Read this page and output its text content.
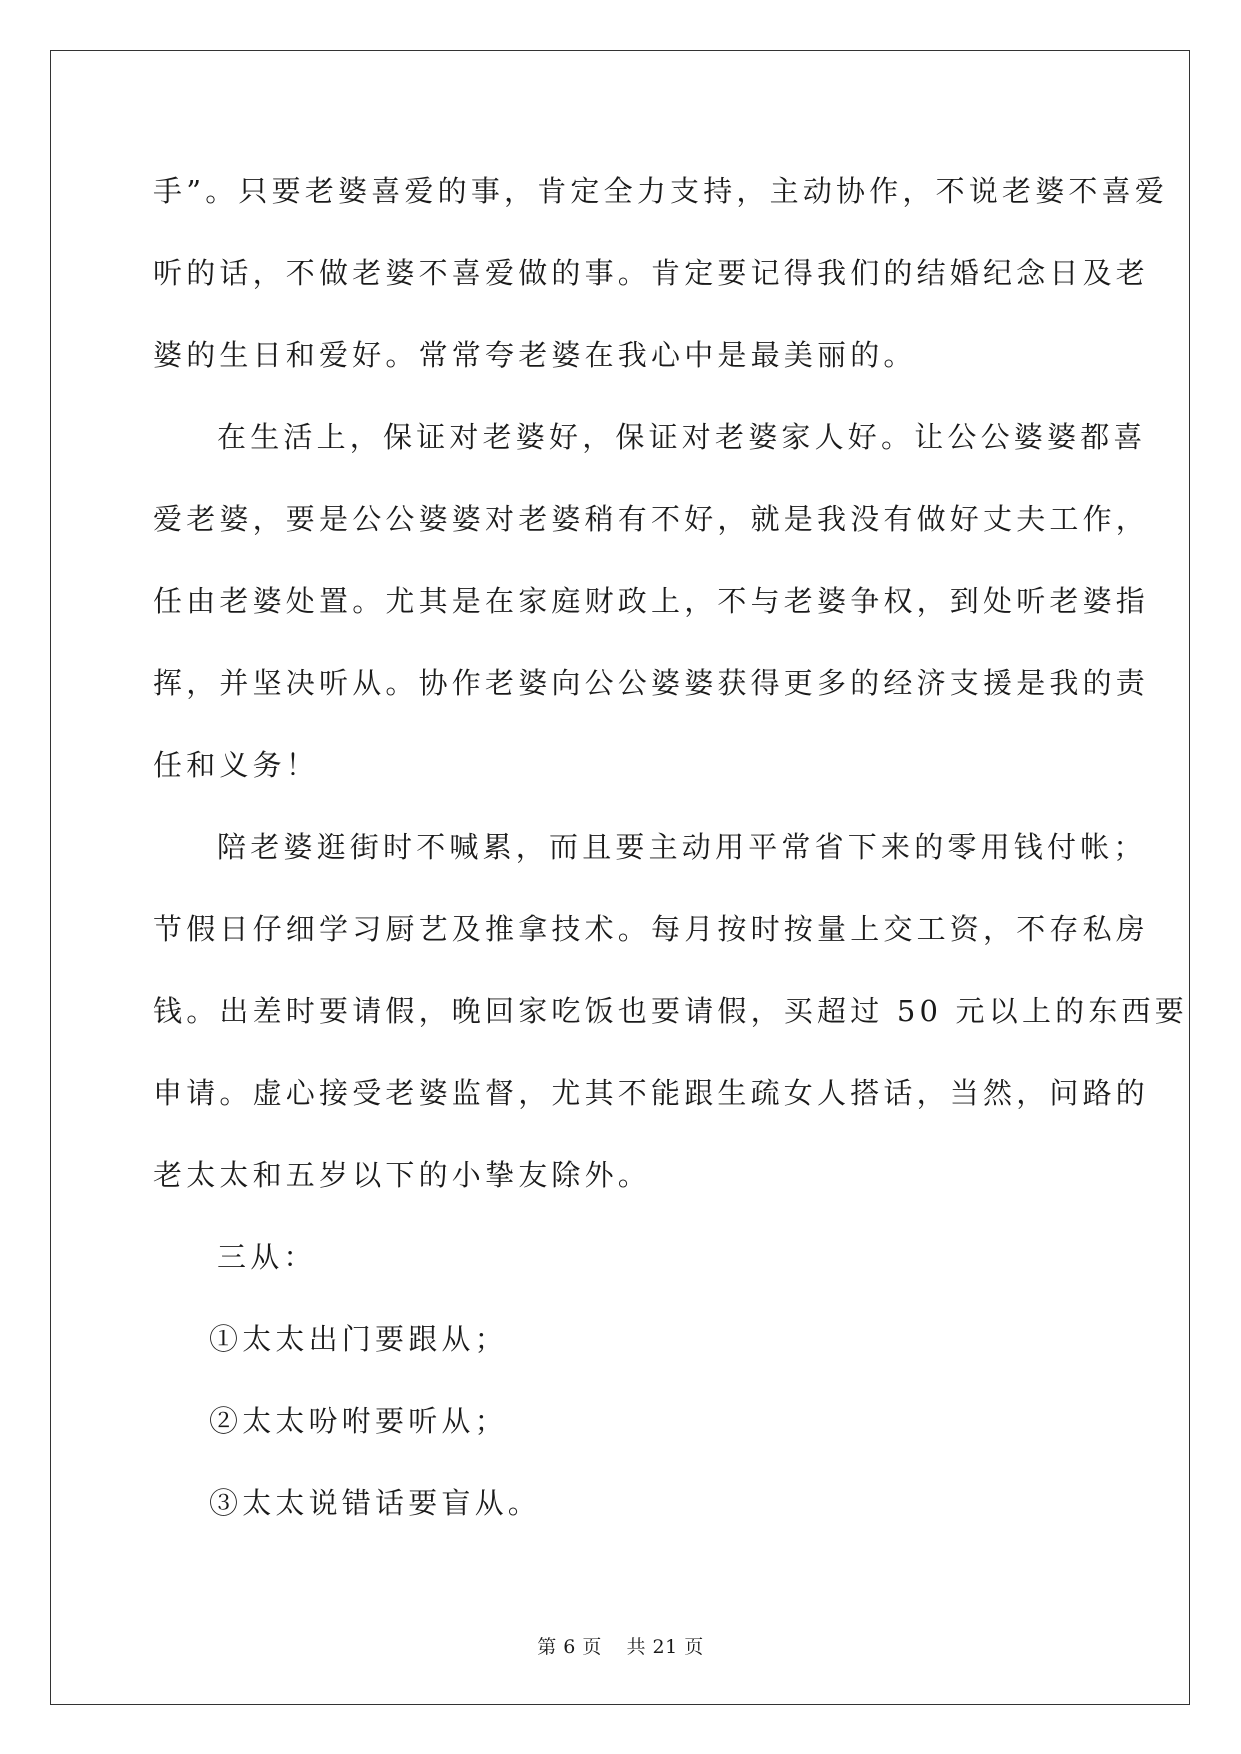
手”。只要老婆喜爱的事，肯定全力支持，主动协作，不说老婆不喜爱
听的话，不做老婆不喜爱做的事。肯定要记得我们的结婚纪念日及老
婆的生日和爱好。常常夸老婆在我心中是最美丽的。
在生活上，保证对老婆好，保证对老婆家人好。让公公婆婆都喜
爱老婆，要是公公婆婆对老婆稍有不好，就是我没有做好丈夫工作，
任由老婆处置。尤其是在家庭财政上，不与老婆争权，到处听老婆指
挥，并坚决听从。协作老婆向公公婆婆获得更多的经济支援是我的责
任和义务！
陪老婆逛街时不喊累，而且要主动用平常省下来的零用钱付帐；
节假日仔细学习厨艺及推拿技术。每月按时按量上交工资，不存私房
钱。出差时要请假，晚回家吃饭也要请假，买超过 50 元以上的东西要
申请。虚心接受老婆监督，尤其不能跟生疏女人搭话，当然，问路的
老太太和五岁以下的小挚友除外。
三从：
①太太出门要跟从；
②太太吩咐要听从；
③太太说错话要盲从。
第 6 页 共 21 页
